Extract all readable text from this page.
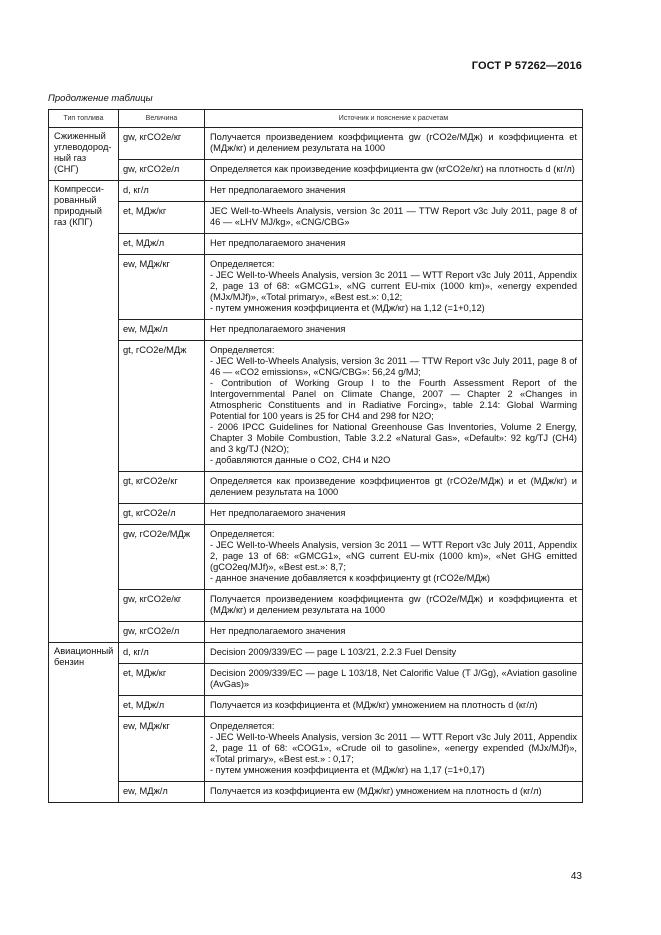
ГОСТ Р 57262—2016
Продолжение таблицы
Тип топлива	Величина	Источник и пояснение к расчетам
Сжиженный углеводород-ный газ (СНГ)	gw, кгCO2e/кг	Получается произведением коэффициента gw (гCO2e/МДж) и коэффициента et (МДж/кг) и делением результата на 1000

	gw, кгCO2e/л	Определяется как произведение коэффициента gw (кгCO2e/кг) на плотность d (кг/л)

Компресси-рованный природный газ (КПГ)	d, кг/л	Нет предполагаемого значения

	et, МДж/кг	JEC Well-to-Wheels Analysis, version 3c 2011 — TTW Report v3c July 2011, page 8 of 46 — «LHV MJ/kg», «CNG/CBG»

	et, МДж/л	Нет предполагаемого значения

	ew, МДж/кг	Определяется:
- JEC Well-to-Wheels Analysis, version 3c 2011 — WTT Report v3c July 2011, Appendix 2, page 13 of 68: «GMCG1», «NG current EU-mix (1000 km)», «energy expended (MJx/MJf)», «Total primary», «Best est.»: 0,12;
- путем умножения коэффициента et (МДж/кг) на 1,12 (=1+0,12)

	ew, МДж/л	Нет предполагаемого значения

	gt, гCO2e/МДж	Определяется:
- JEC Well-to-Wheels Analysis, version 3c 2011 — TTW Report v3c July 2011, page 8 of 46 — «CO2 emissions», «CNG/CBG»: 56,24 g/MJ;
- Contribution of Working Group I to the Fourth Assessment Report of the Intergovernmental Panel on Climate Change, 2007 — Chapter 2 «Changes in Atmospheric Constituents and in Radiative Forcing», table 2.14: Global Warming Potential for 100 years is 25 for CH4 and 298 for N2O;
- 2006 IPCC Guidelines for National Greenhouse Gas Inventories, Volume 2 Energy, Chapter 3 Mobile Combustion, Table 3.2.2 «Natural Gas», «Default»: 92 kg/TJ (CH4) and 3 kg/TJ (N2O);
- добавляются данные о CO2, CH4 и N2O

	gt, кгCO2e/кг	Определяется как произведение коэффициентов gt (гCO2e/МДж) и et (МДж/кг) и делением результата на 1000

	gt, кгCO2e/л	Нет предполагаемого значения

	gw, гCO2e/МДж	Определяется:
- JEC Well-to-Wheels Analysis, version 3c 2011 — WTT Report v3c July 2011, Appendix 2, page 13 of 68: «GMCG1», «NG current EU-mix (1000 km)», «Net GHG emitted (gCO2eq/MJf)», «Best est.»: 8,7;
- данное значение добавляется к коэффициенту gt (гCO2e/МДж)

	gw, кгCO2e/кг	Получается произведением коэффициента gw (гCO2e/МДж) и коэффициента et (МДж/кг) и делением результата на 1000

	gw, кгCO2e/л	Нет предполагаемого значения

Авиационный бензин	d, кг/л	Decision 2009/339/EC — page L 103/21, 2.2.3 Fuel Density

	et, МДж/кг	Decision 2009/339/EC — page L 103/18, Net Calorific Value (T J/Gg), «Aviation gasoline (AvGas)»

	et, МДж/л	Получается из коэффициента et (МДж/кг) умножением на плотность d (кг/л)

	ew, МДж/кг	Определяется:
- JEC Well-to-Wheels Analysis, version 3c 2011 — WTT Report v3c July 2011, Appendix 2, page 11 of 68: «COG1», «Crude oil to gasoline», «energy expended (MJx/MJf)», «Total primary», «Best est.» : 0,17;
- путем умножения коэффициента et (МДж/кг) на 1,17 (=1+0,17)

	ew, МДж/л	Получается из коэффициента ew (МДж/кг) умножением на плотность d (кг/л)
43
